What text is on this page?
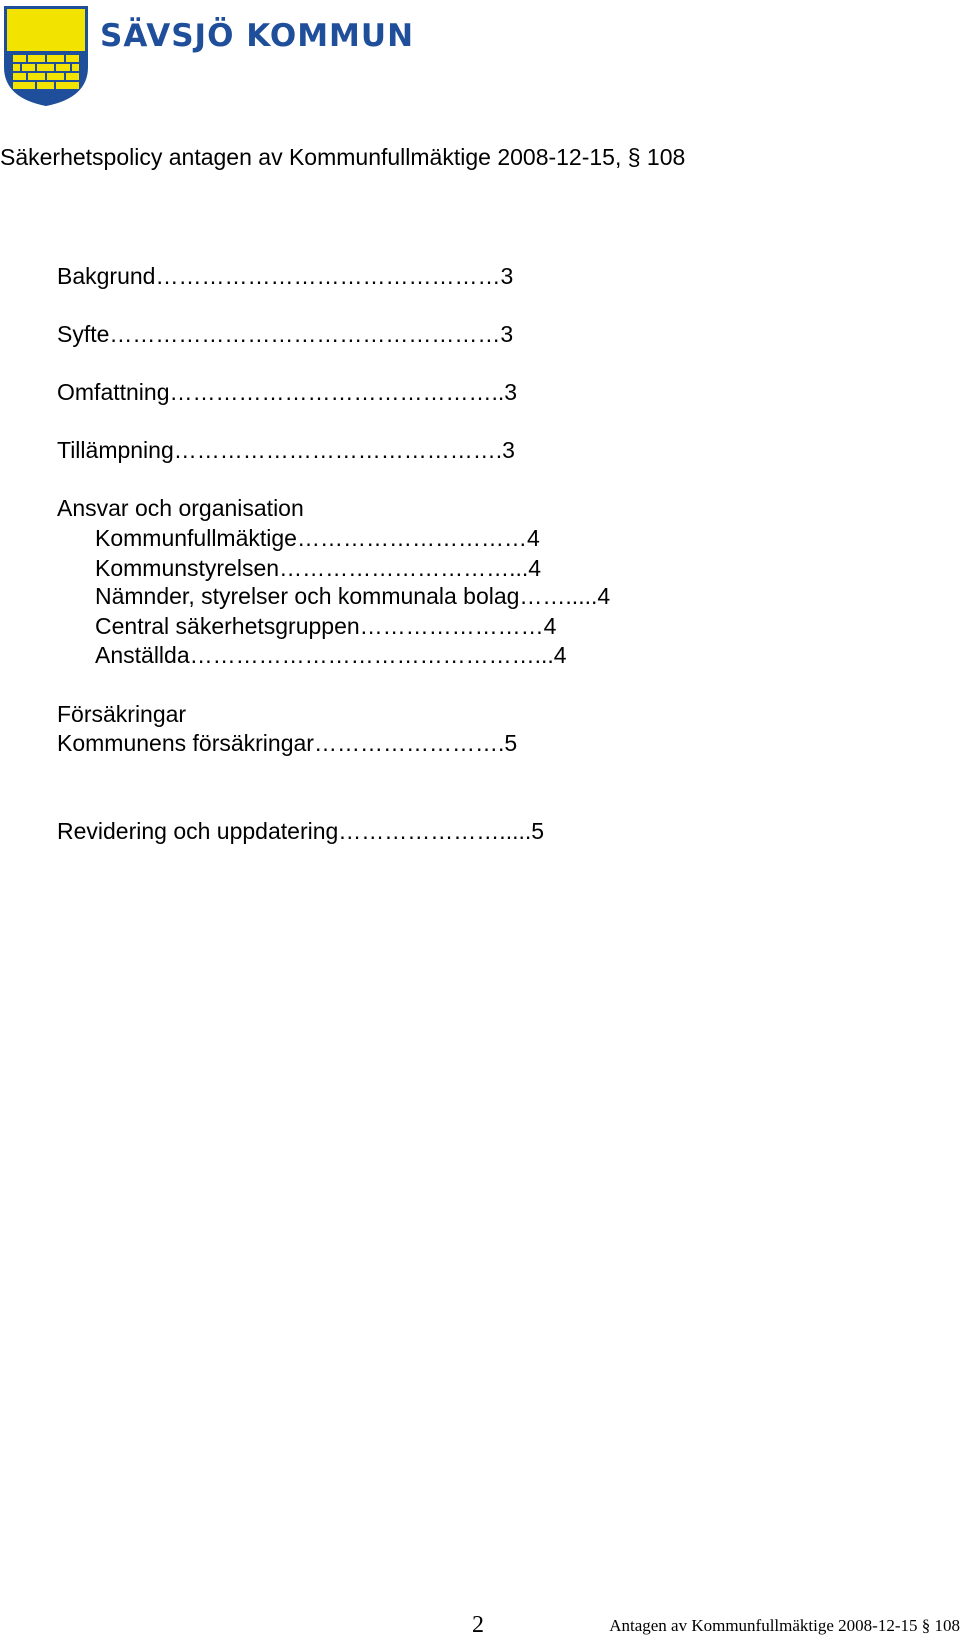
SÄVSJÖ KOMMUN
Säkerhetspolicy antagen av Kommunfullmäktige 2008-12-15, § 108
Bakgrund………………………………………3
Syfte……………………………………………3
Omfattning……………………………………..3
Tillämpning…………………………………….3
Ansvar och organisation
Kommunfullmäktige…………………………4
Kommunstyrelsen…………………………...4
Nämnder, styrelser och kommunala bolag…….....4
Central säkerhetsgruppen……………………4
Anställda………………………………………...4
Försäkringar
Kommunens försäkringar…………………….5
Revidering och uppdatering………………….....5
2	Antagen av Kommunfullmäktige 2008-12-15 § 108
